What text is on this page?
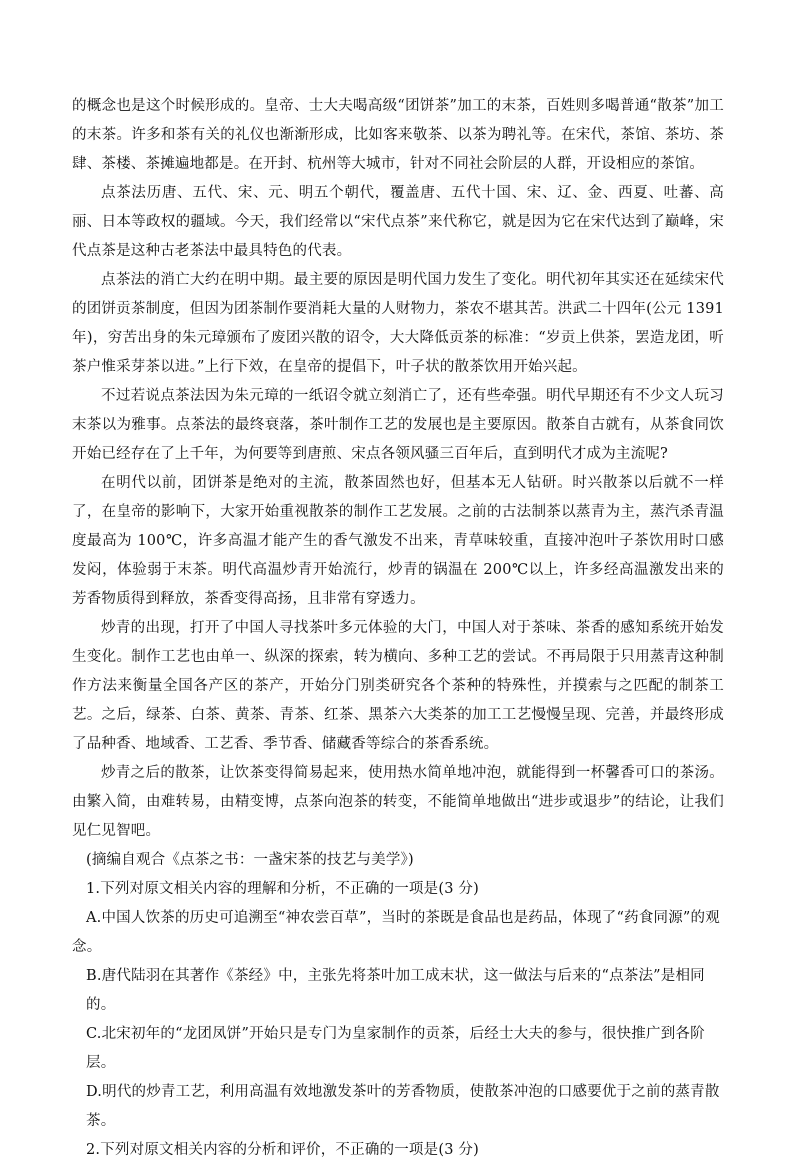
的概念也是这个时候形成的。皇帝、士大夫喝高级“团饼茶”加工的末茶，百姓则多喝普通“散茶”加工的末茶。许多和茶有关的礼仪也渐渐形成，比如客来敬茶、以茶为聘礼等。在宋代，茶馆、茶坊、茶肆、茶楼、茶摊遍地都是。在开封、杭州等大城市，针对不同社会阶层的人群，开设相应的茶馆。

点茶法历唐、五代、宋、元、明五个朝代，覆盖唐、五代十国、宋、辽、金、西夏、吐蕃、高丽、日本等政权的疆域。今天，我们经常以“宋代点茶”来代称它，就是因为它在宋代达到了巅峰，宋代点茶是这种古老茶法中最具特色的代表。

点茶法的消亡大约在明中期。最主要的原因是明代国力发生了变化。明代初年其实还在延续宋代的团饼贡茶制度，但因为团茶制作要消耗大量的人财物力，茶农不堪其苦。洪武二十四年(公元 1391 年)，穷苦出身的朱元璋颁布了废团兴散的诏令，大大降低贡茶的标准：“岁贡上供茶，罢造龙团，听茶户惟采芽茶以进。”上行下效，在皇帝的提倡下，叶子状的散茶饮用开始兴起。

不过若说点茶法因为朱元璋的一纸诏令就立刻消亡了，还有些牵强。明代早期还有不少文人玩习末茶以为雅事。点茶法的最终衰落，茶叶制作工艺的发展也是主要原因。散茶自古就有，从茶食同饮开始已经存在了上千年，为何要等到唐煎、宋点各领风骚三百年后，直到明代才成为主流呢?

在明代以前，团饼茶是绝对的主流，散茶固然也好，但基本无人钻研。时兴散茶以后就不一样了，在皇帝的影响下，大家开始重视散茶的制作工艺发展。之前的古法制茶以蒸青为主，蒸汽杀青温度最高为 100℃，许多高温才能产生的香气激发不出来，青草味较重，直接冲泡叶子茶饮用时口感发闷，体验弱于末茶。明代高温炒青开始流行，炒青的锅温在 200℃以上，许多经高温激发出来的芳香物质得到释放，茶香变得高扬，且非常有穿透力。

炒青的出现，打开了中国人寻找茶叶多元体验的大门，中国人对于茶味、茶香的感知系统开始发生变化。制作工艺也由单一、纵深的探索，转为横向、多种工艺的尝试。不再局限于只用蒸青这种制作方法来衡量全国各产区的茶产，开始分门别类研究各个茶种的特殊性，并摸索与之匹配的制茶工艺。之后，绿茶、白茶、黄茶、青茶、红茶、黑茶六大类茶的加工工艺慢慢呈现、完善，并最终形成了品种香、地域香、工艺香、季节香、储藏香等综合的茶香系统。

炒青之后的散茶，让饮茶变得简易起来，使用热水简单地冲泡，就能得到一杯馨香可口的茶汤。由繁入简，由难转易，由精变博，点茶向泡茶的转变，不能简单地做出“进步或退步”的结论，让我们见仁见智吧。

(摘编自观合《点茶之书：一盏宋茶的技艺与美学》)

1.下列对原文相关内容的理解和分析，不正确的一项是(3 分)

A.中国人饮茶的历史可追溯至“神农尝百草”，当时的茶既是食品也是药品，体现了“药食同源”的观念。

B.唐代陆羽在其著作《茶经》中，主张先将茶叶加工成末状，这一做法与后来的“点茶法”是相同的。

C.北宋初年的“龙团凤饼”开始只是专门为皇家制作的贡茶，后经士大夫的参与，很快推广到各阶层。

D.明代的炒青工艺，利用高温有效地激发茶叶的芳香物质，使散茶冲泡的口感要优于之前的蒸青散茶。

2.下列对原文相关内容的分析和评价，不正确的一项是(3 分)
